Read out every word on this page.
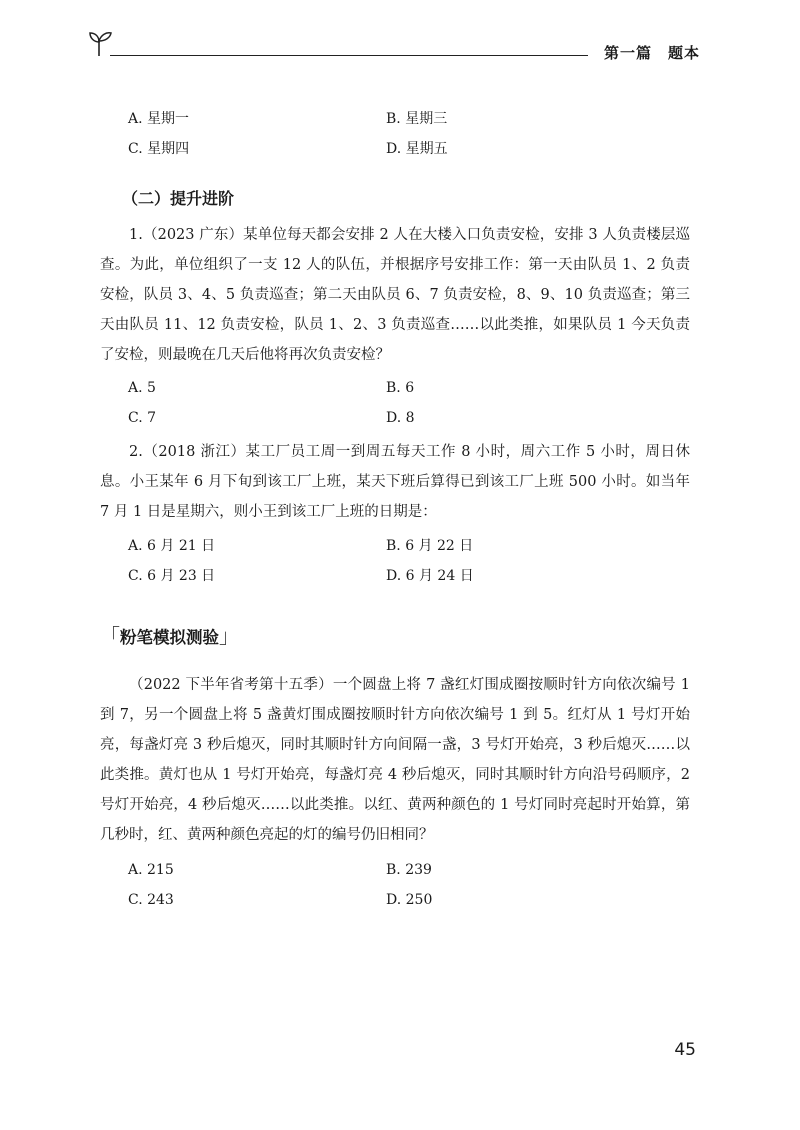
第一篇　题本
A. 星期一	B. 星期三
C. 星期四	D. 星期五
（二）提升进阶

1.（2023 广东）某单位每天都会安排 2 人在大楼入口负责安检，安排 3 人负责楼层巡查。为此，单位组织了一支 12 人的队伍，并根据序号安排工作：第一天由队员 1、2 负责安检，队员 3、4、5 负责巡查；第二天由队员 6、7 负责安检，8、9、10 负责巡查；第三天由队员 11、12 负责安检，队员 1、2、3 负责巡查……以此类推，如果队员 1 今天负责了安检，则最晚在几天后他将再次负责安检？

A. 5	B. 6
C. 7	D. 8

2.（2018 浙江）某工厂员工周一到周五每天工作 8 小时，周六工作 5 小时，周日休息。小王某年 6 月下旬到该工厂上班，某天下班后算得已到该工厂上班 500 小时。如当年 7 月 1 日是星期六，则小王到该工厂上班的日期是：

A. 6 月 21 日	B. 6 月 22 日
C. 6 月 23 日	D. 6 月 24 日
「粉笔模拟测验」

（2022 下半年省考第十五季）一个圆盘上将 7 盏红灯围成圈按顺时针方向依次编号 1 到 7，另一个圆盘上将 5 盏黄灯围成圈按顺时针方向依次编号 1 到 5。红灯从 1 号灯开始亮，每盏灯亮 3 秒后熄灭，同时其顺时针方向间隔一盏，3 号灯开始亮，3 秒后熄灭……以此类推。黄灯也从 1 号灯开始亮，每盏灯亮 4 秒后熄灭，同时其顺时针方向沿号码顺序，2 号灯开始亮，4 秒后熄灭……以此类推。以红、黄两种颜色的 1 号灯同时亮起时开始算，第几秒时，红、黄两种颜色亮起的灯的编号仍旧相同？

A. 215	B. 239
C. 243	D. 250
45
